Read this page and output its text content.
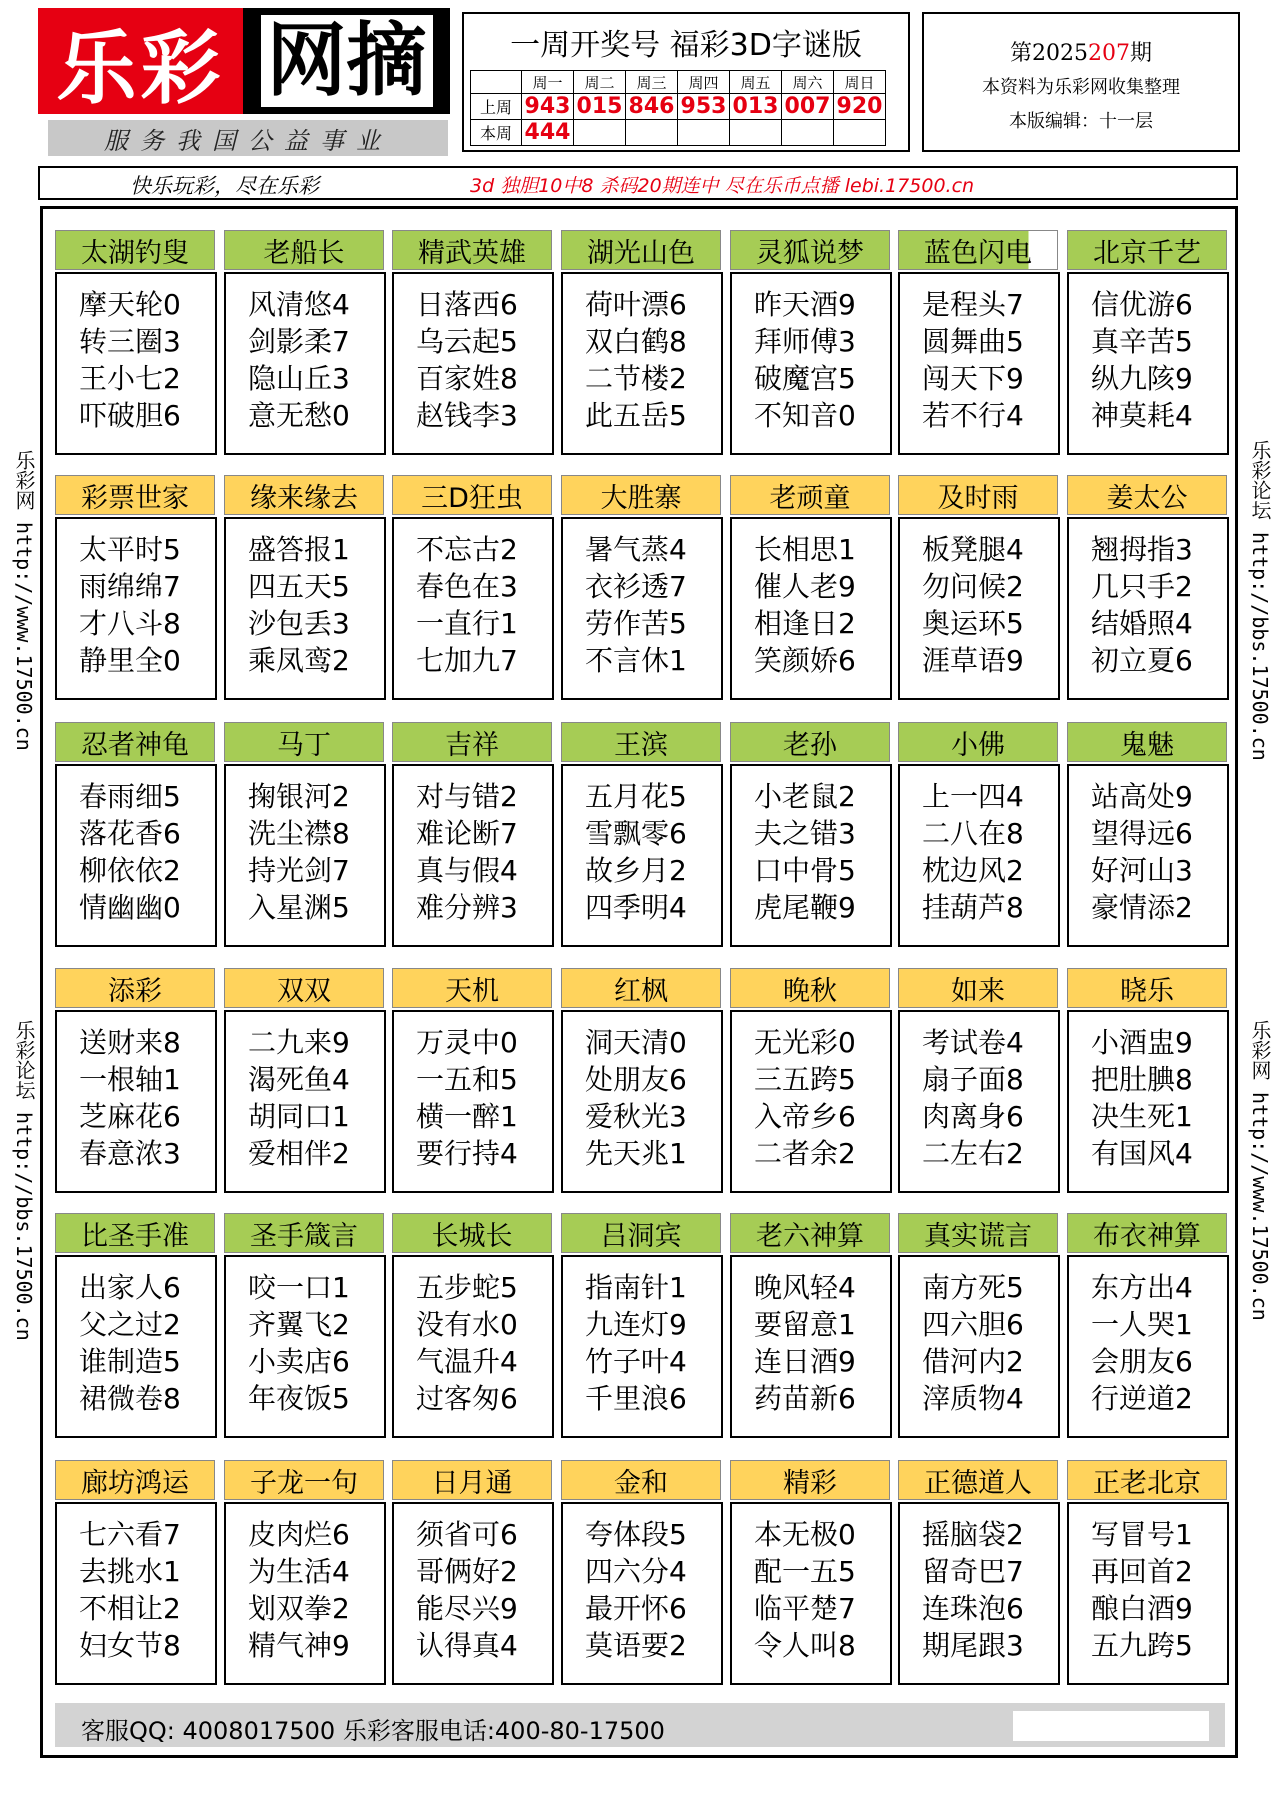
乐彩 网摘
服务我国公益事业
一周开奖号 福彩3D字谜版
	周一	周二	周三	周四	周五	周六	周日
上周	943	015	846	953	013	007	920
本周	444						
第2025207期
本资料为乐彩网收集整理
本版编辑：十一层
快乐玩彩，尽在乐彩	3d 独胆10中8 杀码20期连中 尽在乐币点播 lebi.17500.cn
乐彩网 http://www.17500.cn
乐彩论坛 http://bbs.17500.cn
乐彩论坛 http://bbs.17500.cn
乐彩网 http://www.17500.cn
太湖钓叟
摩天轮0
转三圈3
王小七2
吓破胆6
老船长
风清悠4
剑影柔7
隐山丘3
意无愁0
精武英雄
日落西6
乌云起5
百家姓8
赵钱李3
湖光山色
荷叶漂6
双白鹤8
二节楼2
此五岳5
灵狐说梦
昨天酒9
拜师傅3
破魔宫5
不知音0
蓝色闪电
是程头7
圆舞曲5
闯天下9
若不行4
北京千艺
信优游6
真辛苦5
纵九陔9
神莫耗4
彩票世家
太平时5
雨绵绵7
才八斗8
静里全0
缘来缘去
盛答报1
四五天5
沙包丢3
乘凤鸾2
三D狂虫
不忘古2
春色在3
一直行1
七加九7
大胜寨
暑气蒸4
衣衫透7
劳作苦5
不言休1
老顽童
长相思1
催人老9
相逢日2
笑颜娇6
及时雨
板凳腿4
勿问候2
奥运环5
涯草语9
姜太公
翘拇指3
几只手2
结婚照4
初立夏6
忍者神龟
春雨细5
落花香6
柳依依2
情幽幽0
马丁
掬银河2
洗尘襟8
持光剑7
入星渊5
吉祥
对与错2
难论断7
真与假4
难分辨3
王滨
五月花5
雪飘零6
故乡月2
四季明4
老孙
小老鼠2
夫之错3
口中骨5
虎尾鞭9
小佛
上一四4
二八在8
枕边风2
挂葫芦8
鬼魅
站高处9
望得远6
好河山3
豪情添2
添彩
送财来8
一根轴1
芝麻花6
春意浓3
双双
二九来9
渴死鱼4
胡同口1
爱相伴2
天机
万灵中0
一五和5
横一醉1
要行持4
红枫
洞天清0
处朋友6
爱秋光3
先天兆1
晚秋
无光彩0
三五跨5
入帝乡6
二者余2
如来
考试卷4
扇子面8
肉离身6
二左右2
晓乐
小酒盅9
把肚腆8
决生死1
有国风4
比圣手准
出家人6
父之过2
谁制造5
裙微卷8
圣手箴言
咬一口1
齐翼飞2
小卖店6
年夜饭5
长城长
五步蛇5
没有水0
气温升4
过客匆6
吕洞宾
指南针1
九连灯9
竹子叶4
千里浪6
老六神算
晚风轻4
要留意1
连日酒9
药苗新6
真实谎言
南方死5
四六胆6
借河内2
滓质物4
布衣神算
东方出4
一人哭1
会朋友6
行逆道2
廊坊鸿运
七六看7
去挑水1
不相让2
妇女节8
子龙一句
皮肉烂6
为生活4
划双拳2
精气神9
日月通
须省可6
哥俩好2
能尽兴9
认得真4
金和
夸体段5
四六分4
最开怀6
莫语要2
精彩
本无极0
配一五5
临平楚7
令人叫8
正德道人
摇脑袋2
留奇巴7
连珠泡6
期尾跟3
正老北京
写冒号1
再回首2
酿白酒9
五九跨5
客服QQ: 4008017500 乐彩客服电话:400-80-17500
